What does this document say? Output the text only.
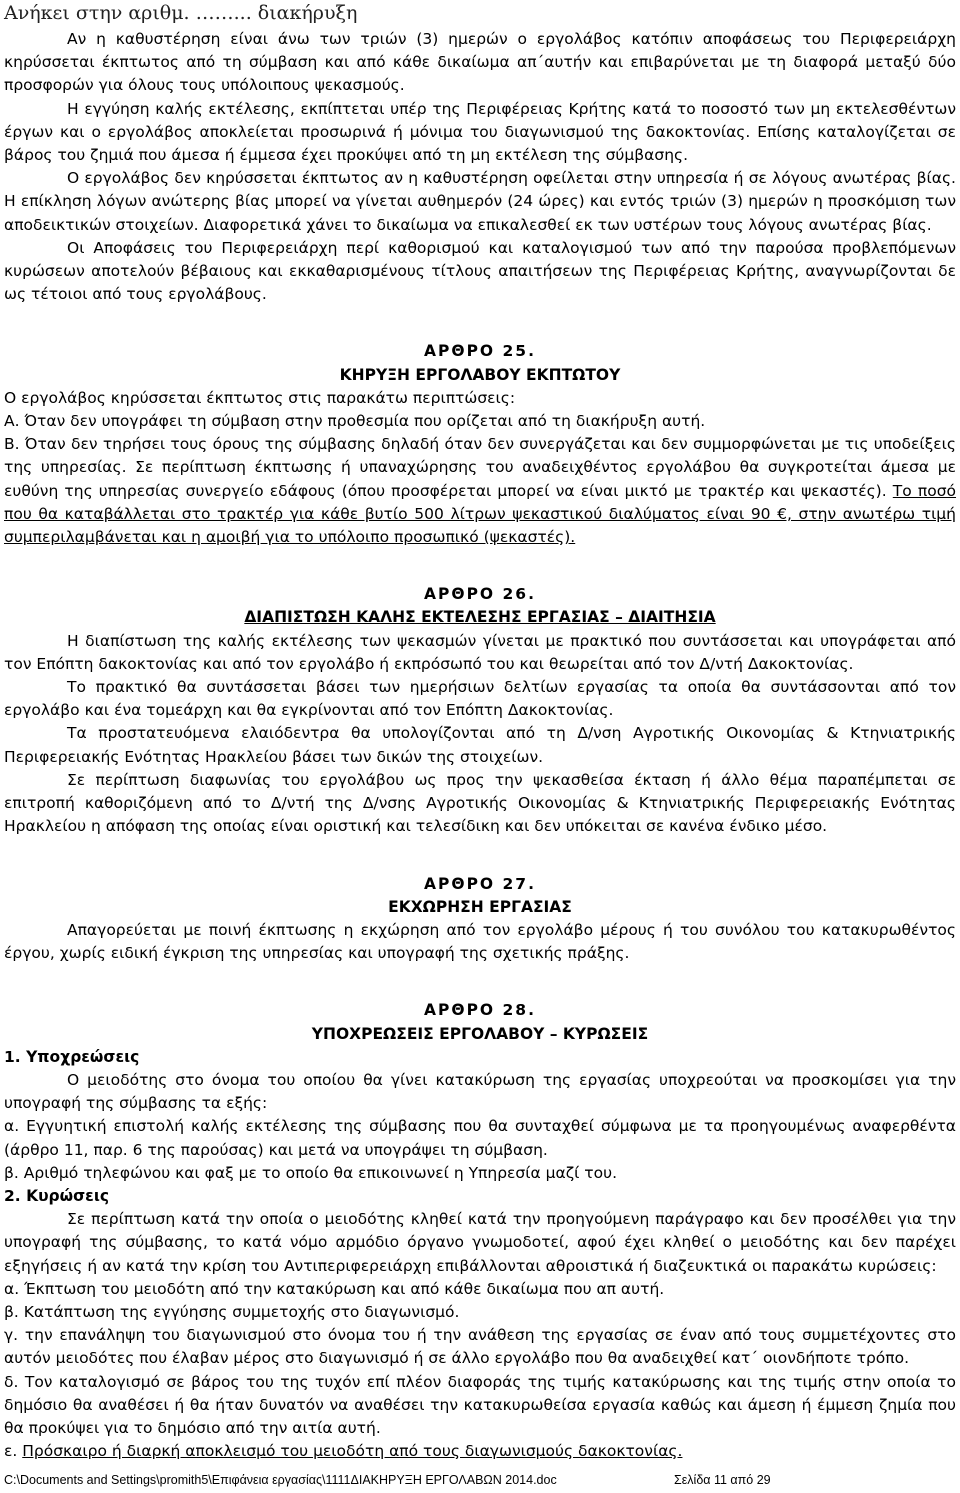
Ανήκει στην αριθμ. ……... διακήρυξη

Αν η καθυστέρηση είναι άνω των τριών (3) ημερών ο εργολάβος κατόπιν αποφάσεως του Περιφερειάρχη κηρύσσεται έκπτωτος από τη σύμβαση και από κάθε δικαίωμα απ΄αυτήν και επιβαρύνεται με τη διαφορά μεταξύ δύο προσφορών για όλους τους υπόλοιπους ψεκασμούς.

Η εγγύηση καλής εκτέλεσης, εκπίπτεται υπέρ της Περιφέρειας Κρήτης κατά το ποσοστό των μη εκτελεσθέντων έργων και ο εργολάβος αποκλείεται προσωρινά ή μόνιμα του διαγωνισμού της δακοκτονίας. Επίσης καταλογίζεται σε βάρος του ζημιά που άμεσα ή έμμεσα έχει προκύψει από τη μη εκτέλεση της σύμβασης.

Ο εργολάβος δεν κηρύσσεται έκπτωτος αν η καθυστέρηση οφείλεται στην υπηρεσία ή σε λόγους ανωτέρας βίας. Η επίκληση λόγων ανώτερης βίας μπορεί να γίνεται αυθημερόν (24 ώρες) και εντός τριών (3) ημερών η προσκόμιση των αποδεικτικών στοιχείων. Διαφορετικά χάνει το δικαίωμα να επικαλεσθεί εκ των υστέρων τους λόγους ανωτέρας βίας.

Οι Αποφάσεις του Περιφερειάρχη περί καθορισμού και καταλογισμού των από την παρούσα προβλεπόμενων κυρώσεων αποτελούν βέβαιους και εκκαθαρισμένους τίτλους απαιτήσεων της Περιφέρειας Κρήτης, αναγνωρίζονται δε ως τέτοιοι από τους εργολάβους.

ΑΡΘΡΟ 25.

ΚΗΡΥΞΗ ΕΡΓΟΛΑΒΟΥ ΕΚΠΤΩΤΟΥ

Ο εργολάβος κηρύσσεται έκπτωτος στις παρακάτω περιπτώσεις:

Α. Όταν δεν υπογράφει τη σύμβαση στην προθεσμία που ορίζεται από τη διακήρυξη αυτή.

Β. Όταν δεν τηρήσει τους όρους της σύμβασης δηλαδή όταν δεν συνεργάζεται και δεν συμμορφώνεται με τις υποδείξεις της υπηρεσίας. Σε περίπτωση έκπτωσης ή υπαναχώρησης του αναδειχθέντος εργολάβου θα συγκροτείται άμεσα με ευθύνη της υπηρεσίας συνεργείο εδάφους (όπου προσφέρεται μπορεί να είναι μικτό με τρακτέρ και ψεκαστές). Το ποσό που θα καταβάλλεται στο τρακτέρ για κάθε βυτίο 500 λίτρων ψεκαστικού διαλύματος είναι 90 €, στην ανωτέρω τιμή συμπεριλαμβάνεται και η αμοιβή για το υπόλοιπο προσωπικό (ψεκαστές).

ΑΡΘΡΟ 26.

ΔΙΑΠΙΣΤΩΣΗ ΚΑΛΗΣ ΕΚΤΕΛΕΣΗΣ ΕΡΓΑΣΙΑΣ – ΔΙΑΙΤΗΣΙΑ

Η διαπίστωση της καλής εκτέλεσης των ψεκασμών γίνεται με πρακτικό που συντάσσεται και υπογράφεται από τον Επόπτη δακοκτονίας και από τον εργολάβο ή εκπρόσωπό του και θεωρείται από τον Δ/ντή Δακοκτονίας.

Το πρακτικό θα συντάσσεται βάσει των ημερήσιων δελτίων εργασίας τα οποία θα συντάσσονται από τον εργολάβο και ένα τομεάρχη και θα εγκρίνονται από τον Επόπτη Δακοκτονίας.

Τα προστατευόμενα ελαιόδεντρα θα υπολογίζονται από τη Δ/νση Αγροτικής Οικονομίας & Κτηνιατρικής Περιφερειακής Ενότητας Ηρακλείου βάσει των δικών της στοιχείων.

Σε περίπτωση διαφωνίας του εργολάβου ως προς την ψεκασθείσα έκταση ή άλλο θέμα παραπέμπεται σε επιτροπή καθοριζόμενη από το Δ/ντή της Δ/νσης Αγροτικής Οικονομίας & Κτηνιατρικής Περιφερειακής Ενότητας Ηρακλείου η απόφαση της οποίας είναι οριστική και τελεσίδικη και δεν υπόκειται σε κανένα ένδικο μέσο.

ΑΡΘΡΟ 27.

ΕΚΧΩΡΗΣΗ ΕΡΓΑΣΙΑΣ

Απαγορεύεται με ποινή έκπτωσης η εκχώρηση από τον εργολάβο μέρους ή του συνόλου του κατακυρωθέντος έργου, χωρίς ειδική έγκριση της υπηρεσίας και υπογραφή της σχετικής πράξης.

ΑΡΘΡΟ 28.

ΥΠΟΧΡΕΩΣΕΙΣ ΕΡΓΟΛΑΒΟΥ – ΚΥΡΩΣΕΙΣ

1. Υποχρεώσεις

Ο μειοδότης στο όνομα του οποίου θα γίνει κατακύρωση της εργασίας υποχρεούται να προσκομίσει για την υπογραφή της σύμβασης τα εξής:

α. Εγγυητική επιστολή καλής εκτέλεσης της σύμβασης που θα συνταχθεί σύμφωνα με τα προηγουμένως αναφερθέντα (άρθρο 11, παρ. 6 της παρούσας) και μετά να υπογράψει τη σύμβαση.

β. Αριθμό τηλεφώνου και φαξ με το οποίο θα επικοινωνεί η Υπηρεσία μαζί του.

2. Κυρώσεις

Σε περίπτωση κατά την οποία ο μειοδότης κληθεί κατά την προηγούμενη παράγραφο και δεν προσέλθει για την υπογραφή της σύμβασης, το κατά νόμο αρμόδιο όργανο γνωμοδοτεί, αφού έχει κληθεί ο μειοδότης και δεν παρέχει εξηγήσεις ή αν κατά την κρίση του Αντιπεριφερειάρχη επιβάλλονται αθροιστικά ή διαζευκτικά οι παρακάτω κυρώσεις:

α. Έκπτωση του μειοδότη από την κατακύρωση και από κάθε δικαίωμα που απ αυτή.

β. Κατάπτωση της εγγύησης συμμετοχής στο διαγωνισμό.

γ. την επανάληψη του διαγωνισμού στο όνομα του ή την ανάθεση της εργασίας σε έναν από τους συμμετέχοντες στο αυτόν μειοδότες που έλαβαν μέρος στο διαγωνισμό ή σε άλλο εργολάβο που θα αναδειχθεί κατ΄ οιονδήποτε τρόπο.

δ. Τον καταλογισμό σε βάρος του της τυχόν επί πλέον διαφοράς της τιμής κατακύρωσης και της τιμής στην οποία το δημόσιο θα αναθέσει ή θα ήταν δυνατόν να αναθέσει την κατακυρωθείσα εργασία καθώς και άμεση ή έμμεση ζημία που θα προκύψει για το δημόσιο από την αιτία αυτή.

ε. Πρόσκαιρο ή διαρκή αποκλεισμό του μειοδότη από τους διαγωνισμούς δακοκτονίας.

C:\Documents and Settings\promith5\Επιφάνεια εργασίας\1111ΔΙΑΚΗΡΥΞΗ ΕΡΓΟΛΑΒΩΝ 2014.doc	Σελίδα 11 από 29
